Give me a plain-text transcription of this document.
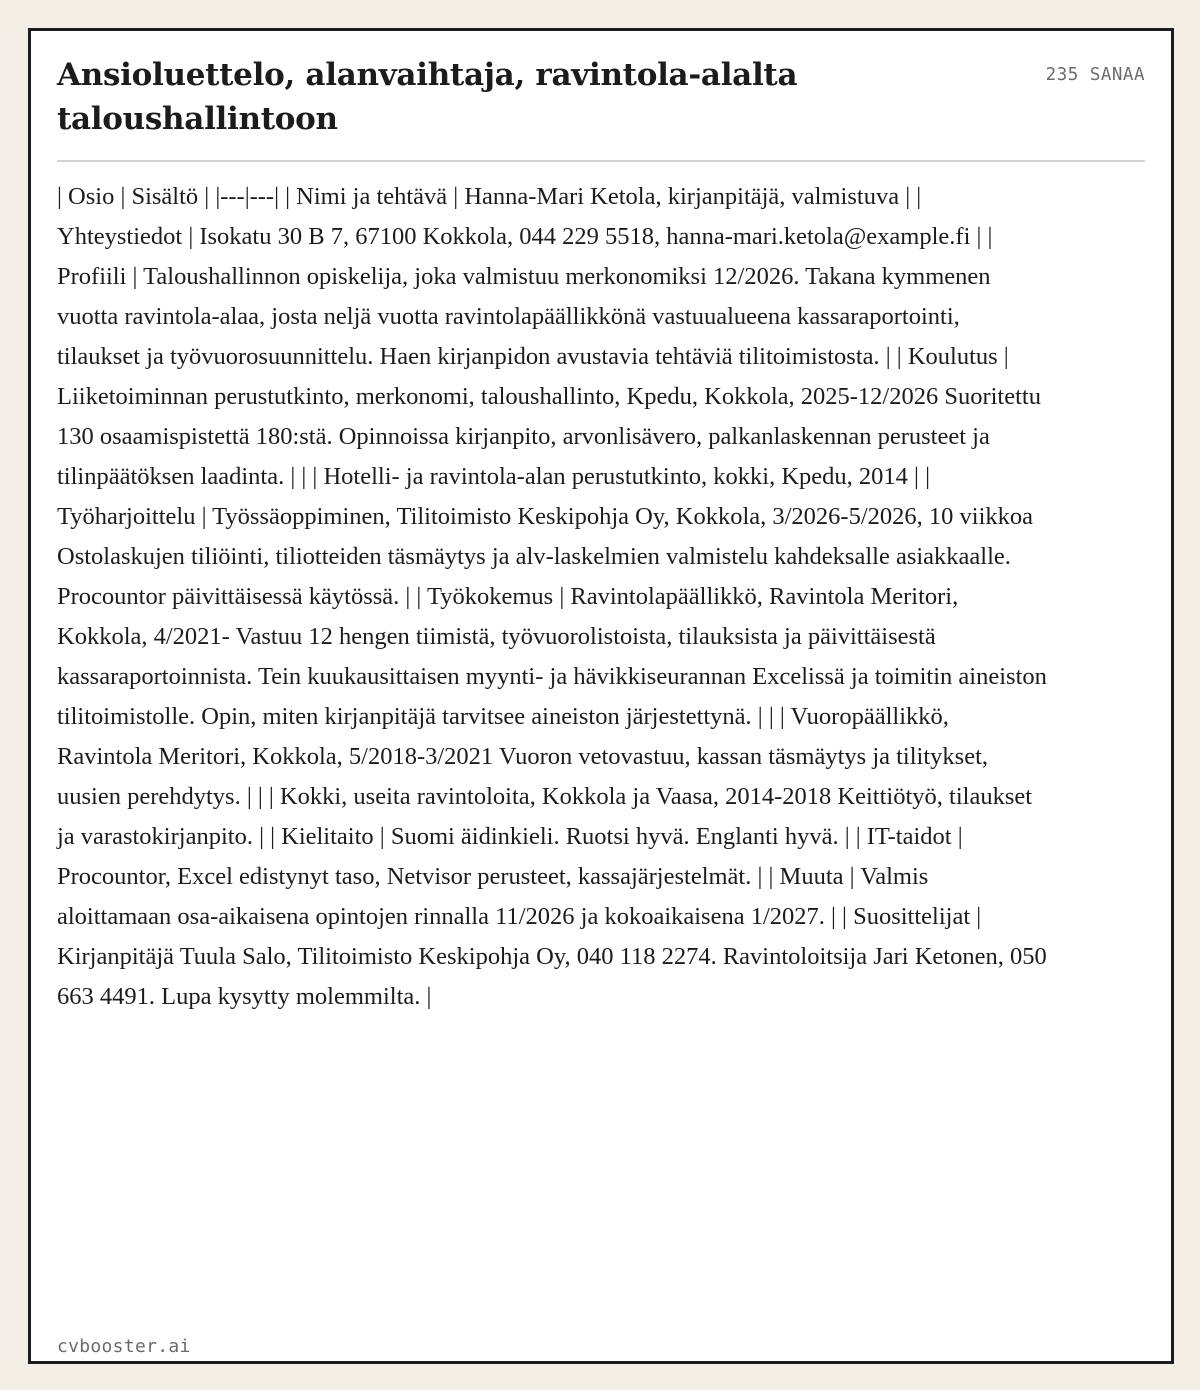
Ansioluettelo, alanvaihtaja, ravintola-alalta taloushallintoon
235 SANAA

| Osio | Sisältö | |---|---| | Nimi ja tehtävä | Hanna-Mari Ketola, kirjanpitäjä, valmistuva | | Yhteystiedot | Isokatu 30 B 7, 67100 Kokkola, 044 229 5518, hanna-mari.ketola@example.fi | | Profiili | Taloushallinnon opiskelija, joka valmistuu merkonomiksi 12/2026. Takana kymmenen vuotta ravintola-alaa, josta neljä vuotta ravintolapäällikkönä vastuualueena kassaraportointi, tilaukset ja työvuorosuunnittelu. Haen kirjanpidon avustavia tehtäviä tilitoimistosta. | | Koulutus | Liiketoiminnan perustutkinto, merkonomi, taloushallinto, Kpedu, Kokkola, 2025-12/2026 Suoritettu 130 osaamispistettä 180:stä. Opinnoissa kirjanpito, arvonlisävero, palkanlaskennan perusteet ja tilinpäätöksen laadinta. | | | Hotelli- ja ravintola-alan perustutkinto, kokki, Kpedu, 2014 | | Työharjoittelu | Työssäoppiminen, Tilitoimisto Keskipohja Oy, Kokkola, 3/2026-5/2026, 10 viikkoa Ostolaskujen tiliöinti, tiliotteiden täsmäytys ja alv-laskelmien valmistelu kahdeksalle asiakkaalle. Procountor päivittäisessä käytössä. | | Työkokemus | Ravintolapäällikkö, Ravintola Meritori, Kokkola, 4/2021- Vastuu 12 hengen tiimistä, työvuorolistoista, tilauksista ja päivittäisestä kassaraportoinnista. Tein kuukausittaisen myynti- ja hävikkiseurannan Excelissä ja toimitin aineiston tilitoimistolle. Opin, miten kirjanpitäjä tarvitsee aineiston järjestettynä. | | | Vuoropäällikkö, Ravintola Meritori, Kokkola, 5/2018-3/2021 Vuoron vetovastuu, kassan täsmäytys ja tilitykset, uusien perehdytys. | | | Kokki, useita ravintoloita, Kokkola ja Vaasa, 2014-2018 Keittiötyö, tilaukset ja varastokirjanpito. | | Kielitaito | Suomi äidinkieli. Ruotsi hyvä. Englanti hyvä. | | IT-taidot | Procountor, Excel edistynyt taso, Netvisor perusteet, kassajärjestelmät. | | Muuta | Valmis aloittamaan osa-aikaisena opintojen rinnalla 11/2026 ja kokoaikaisena 1/2027. | | Suosittelijat | Kirjanpitäjä Tuula Salo, Tilitoimisto Keskipohja Oy, 040 118 2274. Ravintoloitsija Jari Ketonen, 050 663 4491. Lupa kysytty molemmilta. |

cvbooster.ai
